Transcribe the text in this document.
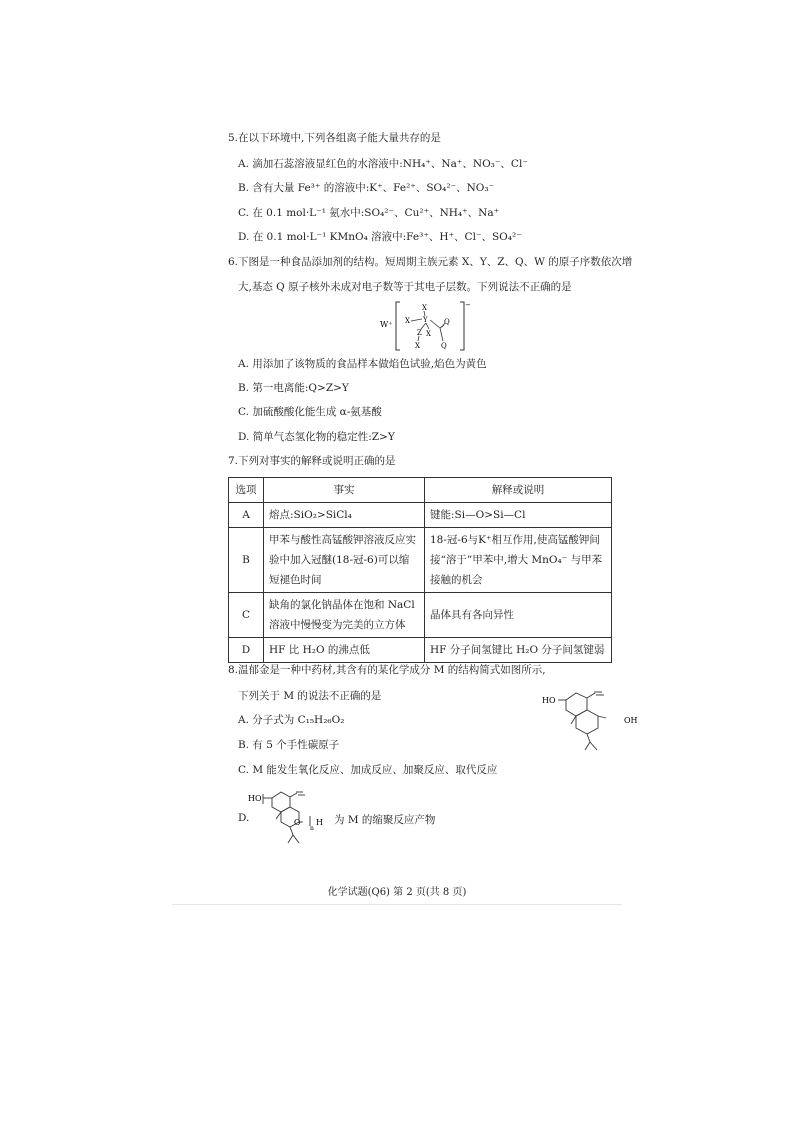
5.在以下环境中,下列各组离子能大量共存的是
A. 滴加石蕊溶液显红色的水溶液中:NH₄⁺、Na⁺、NO₃⁻、Cl⁻
B. 含有大量 Fe³⁺ 的溶液中:K⁺、Fe²⁺、SO₄²⁻、NO₃⁻
C. 在 0.1 mol·L⁻¹ 氨水中:SO₄²⁻、Cu²⁺、NH₄⁺、Na⁺
D. 在 0.1 mol·L⁻¹ KMnO₄ 溶液中:Fe³⁺、H⁺、Cl⁻、SO₄²⁻
6.下图是一种食品添加剂的结构。短周期主族元素 X、Y、Z、Q、W 的原子序数依次增
大,基态 Q 原子核外未成对电子数等于其电子层数。下列说法不正确的是
W⁺
−
X
X Y
Z X
X
Q
Q
A. 用添加了该物质的食品样本做焰色试验,焰色为黄色
B. 第一电离能:Q>Z>Y
C. 加硫酸酸化能生成 α-氨基酸
D. 简单气态氢化物的稳定性:Z>Y
7.下列对事实的解释或说明正确的是
选项	事实	解释或说明
A	熔点:SiO₂>SiCl₄	键能:Si—O>Si—Cl
B	甲苯与酸性高锰酸钾溶液反应实验中加入冠醚(18-冠-6)可以缩短褪色时间	18-冠-6与K⁺相互作用,使高锰酸钾间接“溶于”甲苯中,增大 MnO₄⁻ 与甲苯接触的机会
C	缺角的氯化钠晶体在饱和 NaCl 溶液中慢慢变为完美的立方体	晶体具有各向异性
D	HF 比 H₂O 的沸点低	HF 分子间氢键比 H₂O 分子间氢键弱
8.温郁金是一种中药材,其含有的某化学成分 M 的结构简式如图所示,
下列关于 M 的说法不正确的是	HO
OH
A. 分子式为 C₁₅H₂₆O₂
B. 有 5 个手性碳原子
C. M 能发生氧化反应、加成反应、加聚反应、取代反应
D.
HO
O
n
H 为 M 的缩聚反应产物
化学试题(Q6) 第 2 页(共 8 页)
